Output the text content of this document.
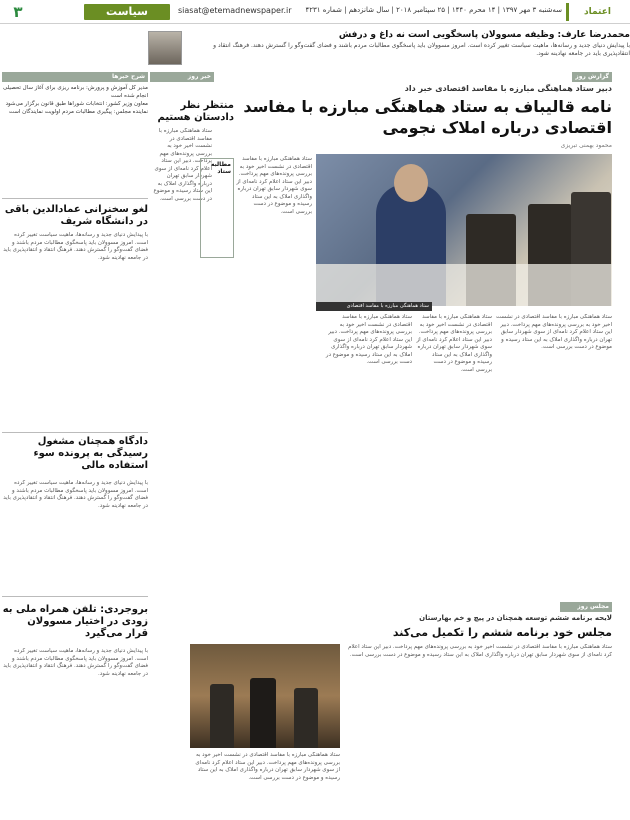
۳	سیاست	siasat@etemadnewspaper.ir	سه‌شنبه ۳ مهر ۱۳۹۷ | ۱۴ محرم ۱۴۴۰ | ۲۵ سپتامبر ۲۰۱۸ | سال شانزدهم | شماره ۴۲۳۱	اعتماد
محمدرضا عارف: وظیفه مسوولان پاسخگویی است نه داغ و درفش
با پیدایش دنیای جدید و رسانه‌ها، ماهیت سیاست تغییر کرده است. امروز مسوولان باید پاسخگوی مطالبات مردم باشند و فضای گفت‌وگو را گسترش دهند. فرهنگ انتقاد و انتقادپذیری باید در جامعه نهادینه شود.
گزارش روز
دبیر ستاد هماهنگی مبارزه با مفاسد اقتصادی خبر داد
نامه قالیباف به ستاد هماهنگی مبارزه با مفاسد اقتصادی درباره املاک نجومی
محمود بهمنی تبریزی
ستاد هماهنگی مبارزه با مفاسد اقتصادی
ستاد هماهنگی مبارزه با مفاسد اقتصادی در نشست اخیر خود به بررسی پرونده‌های مهم پرداخت. دبیر این ستاد اعلام کرد نامه‌ای از سوی شهردار سابق تهران درباره واگذاری املاک به این ستاد رسیده و موضوع در دست بررسی است.
ستاد هماهنگی مبارزه با مفاسد اقتصادی در نشست اخیر خود به بررسی پرونده‌های مهم پرداخت. دبیر این ستاد اعلام کرد نامه‌ای از سوی شهردار سابق تهران درباره واگذاری املاک به این ستاد رسیده و موضوع در دست بررسی است.
ستاد هماهنگی مبارزه با مفاسد اقتصادی در نشست اخیر خود به بررسی پرونده‌های مهم پرداخت. دبیر این ستاد اعلام کرد نامه‌ای از سوی شهردار سابق تهران درباره واگذاری املاک به این ستاد رسیده و موضوع در دست بررسی است.
ستاد هماهنگی مبارزه با مفاسد اقتصادی در نشست اخیر خود به بررسی پرونده‌های مهم پرداخت. دبیر این ستاد اعلام کرد نامه‌ای از سوی شهردار سابق تهران درباره واگذاری املاک به این ستاد رسیده و موضوع در دست بررسی است.
خبر روز
منتظر نظر دادستان هستیم
ستاد هماهنگی مبارزه با مفاسد اقتصادی در نشست اخیر خود به بررسی پرونده‌های مهم پرداخت. دبیر این ستاد اعلام کرد نامه‌ای از سوی شهردار سابق تهران درباره واگذاری املاک به این ستاد رسیده و موضوع در دست بررسی است.
مطالبه ستاد
شرح خبرها
مدیر کل آموزش و پرورش: برنامه ریزی برای آغاز سال تحصیلی انجام شده است
معاون وزیر کشور: انتخابات شوراها طبق قانون برگزار می‌شود
نماینده مجلس: پیگیری مطالبات مردم اولویت نمایندگان است
لغو سخنرانی عمادالدین باقی در دانشگاه شریف
با پیدایش دنیای جدید و رسانه‌ها، ماهیت سیاست تغییر کرده است. امروز مسوولان باید پاسخگوی مطالبات مردم باشند و فضای گفت‌وگو را گسترش دهند. فرهنگ انتقاد و انتقادپذیری باید در جامعه نهادینه شود.
دادگاه همچنان مشغول رسیدگی به پرونده سوء استفاده مالی
با پیدایش دنیای جدید و رسانه‌ها، ماهیت سیاست تغییر کرده است. امروز مسوولان باید پاسخگوی مطالبات مردم باشند و فضای گفت‌وگو را گسترش دهند. فرهنگ انتقاد و انتقادپذیری باید در جامعه نهادینه شود.
بروجردی: تلفن همراه ملی به زودی در اختیار مسوولان قرار می‌گیرد
با پیدایش دنیای جدید و رسانه‌ها، ماهیت سیاست تغییر کرده است. امروز مسوولان باید پاسخگوی مطالبات مردم باشند و فضای گفت‌وگو را گسترش دهند. فرهنگ انتقاد و انتقادپذیری باید در جامعه نهادینه شود.
مجلس روز
لایحه برنامه ششم توسعه همچنان در پیچ و خم بهارستان
مجلس خود برنامه ششم را تکمیل می‌کند
ستاد هماهنگی مبارزه با مفاسد اقتصادی در نشست اخیر خود به بررسی پرونده‌های مهم پرداخت. دبیر این ستاد اعلام کرد نامه‌ای از سوی شهردار سابق تهران درباره واگذاری املاک به این ستاد رسیده و موضوع در دست بررسی است.
ستاد هماهنگی مبارزه با مفاسد اقتصادی در نشست اخیر خود به بررسی پرونده‌های مهم پرداخت. دبیر این ستاد اعلام کرد نامه‌ای از سوی شهردار سابق تهران درباره واگذاری املاک به این ستاد رسیده و موضوع در دست بررسی است.
